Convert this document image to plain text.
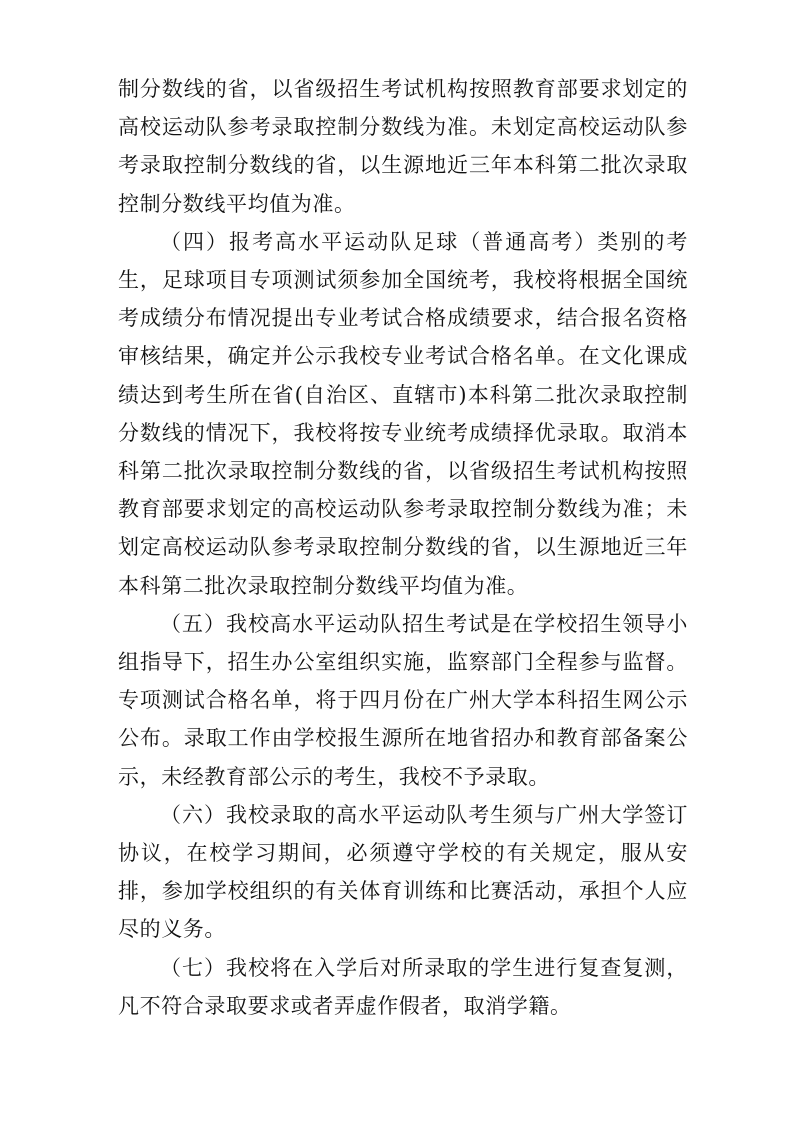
制分数线的省，以省级招生考试机构按照教育部要求划定的高校运动队参考录取控制分数线为准。未划定高校运动队参考录取控制分数线的省，以生源地近三年本科第二批次录取控制分数线平均值为准。

（四）报考高水平运动队足球（普通高考）类别的考生，足球项目专项测试须参加全国统考，我校将根据全国统考成绩分布情况提出专业考试合格成绩要求，结合报名资格审核结果，确定并公示我校专业考试合格名单。在文化课成绩达到考生所在省(自治区、直辖市)本科第二批次录取控制分数线的情况下，我校将按专业统考成绩择优录取。取消本科第二批次录取控制分数线的省，以省级招生考试机构按照教育部要求划定的高校运动队参考录取控制分数线为准；未划定高校运动队参考录取控制分数线的省，以生源地近三年本科第二批次录取控制分数线平均值为准。

（五）我校高水平运动队招生考试是在学校招生领导小组指导下，招生办公室组织实施，监察部门全程参与监督。专项测试合格名单，将于四月份在广州大学本科招生网公示公布。录取工作由学校报生源所在地省招办和教育部备案公示，未经教育部公示的考生，我校不予录取。

（六）我校录取的高水平运动队考生须与广州大学签订协议，在校学习期间，必须遵守学校的有关规定，服从安排，参加学校组织的有关体育训练和比赛活动，承担个人应尽的义务。

（七）我校将在入学后对所录取的学生进行复查复测，凡不符合录取要求或者弄虚作假者，取消学籍。
